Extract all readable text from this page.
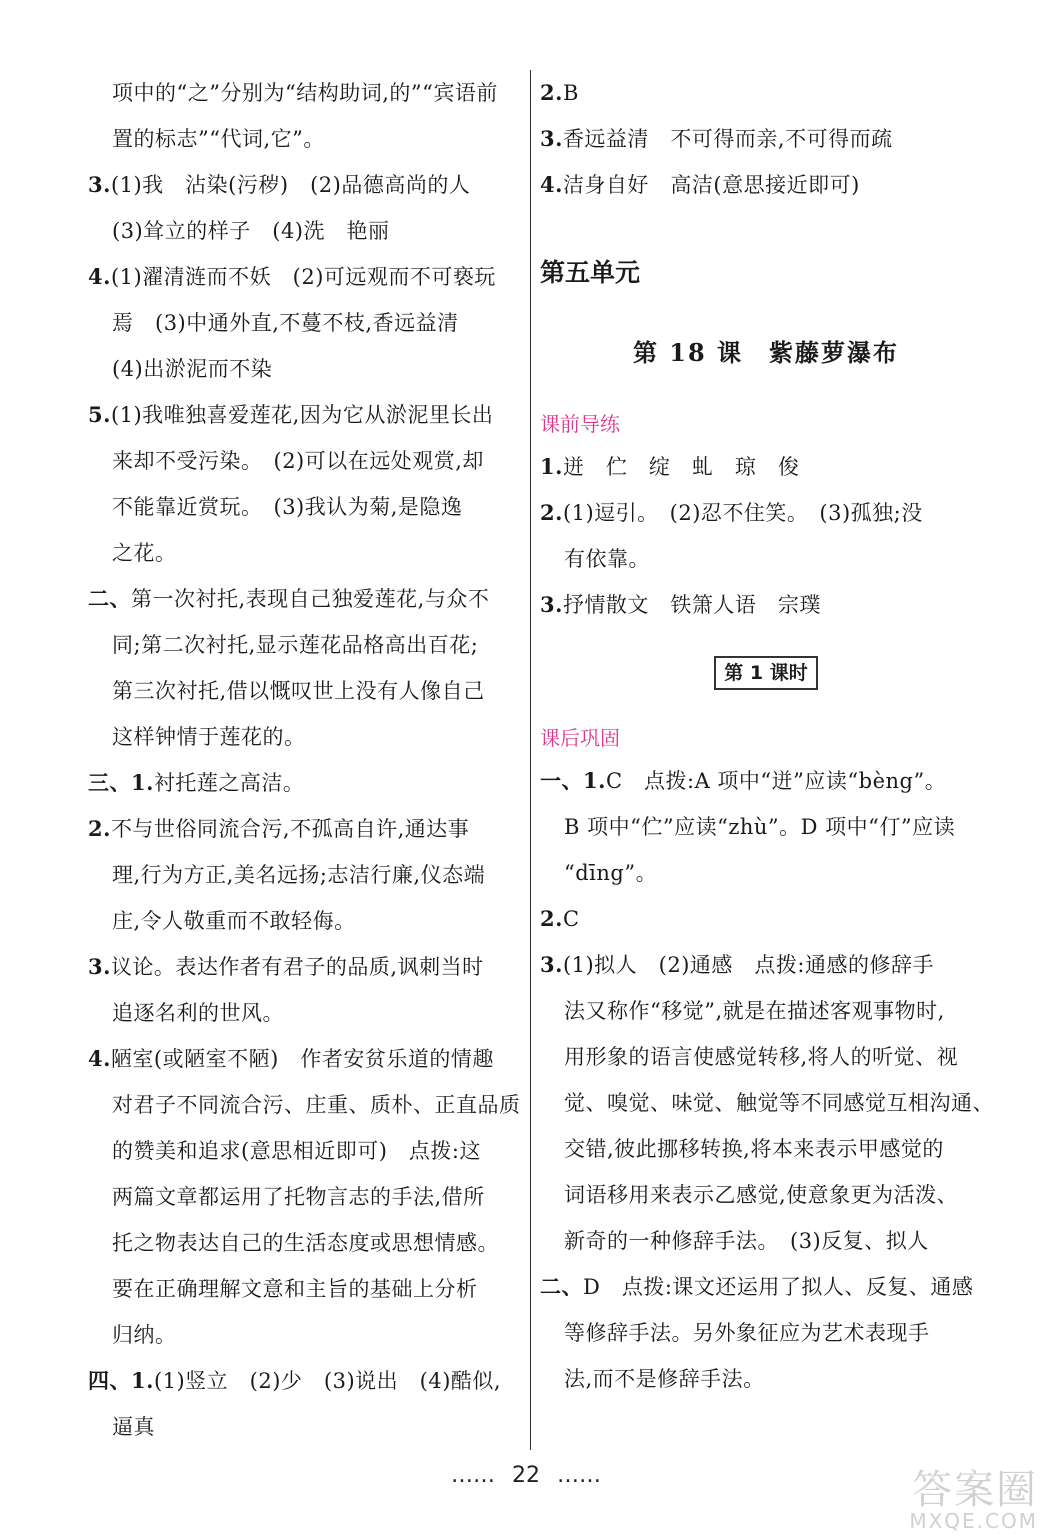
项中的“之”分别为“结构助词,的”“宾语前
置的标志”“代词,它”。
3.(1)我　沾染(污秽)　(2)品德高尚的人
(3)耸立的样子　(4)洗　艳丽
4.(1)濯清涟而不妖　(2)可远观而不可亵玩
焉　(3)中通外直,不蔓不枝,香远益清
(4)出淤泥而不染
5.(1)我唯独喜爱莲花,因为它从淤泥里长出
来却不受污染。　(2)可以在远处观赏,却
不能靠近赏玩。　(3)我认为菊,是隐逸
之花。
二、第一次衬托,表现自己独爱莲花,与众不
同;第二次衬托,显示莲花品格高出百花;
第三次衬托,借以慨叹世上没有人像自己
这样钟情于莲花的。
三、1.衬托莲之高洁。
2.不与世俗同流合污,不孤高自许,通达事
理,行为方正,美名远扬;志洁行廉,仪态端
庄,令人敬重而不敢轻侮。
3.议论。表达作者有君子的品质,讽刺当时
追逐名利的世风。
4.陋室(或陋室不陋)　作者安贫乐道的情趣
对君子不同流合污、庄重、质朴、正直品质
的赞美和追求(意思相近即可)　点拨:这
两篇文章都运用了托物言志的手法,借所
托之物表达自己的生活态度或思想情感。
要在正确理解文意和主旨的基础上分析
归纳。
四、1.(1)竖立　(2)少　(3)说出　(4)酷似,
逼真
2.B
3.香远益清　不可得而亲,不可得而疏
4.洁身自好　高洁(意思接近即可)
第五单元
第 18 课　紫藤萝瀑布
课前导练
1.迸　伫　绽　虬　琼　俊
2.(1)逗引。　(2)忍不住笑。　(3)孤独;没
有依靠。
3.抒情散文　铁箫人语　宗璞
第 1 课时
课后巩固
一、1.C　点拨:A 项中“迸”应读“bèng”。
B 项中“伫”应读“zhù”。D 项中“仃”应读
“dīng”。
2.C
3.(1)拟人　(2)通感　点拨:通感的修辞手
法又称作“移觉”,就是在描述客观事物时,
用形象的语言使感觉转移,将人的听觉、视
觉、嗅觉、味觉、触觉等不同感觉互相沟通、
交错,彼此挪移转换,将本来表示甲感觉的
词语移用来表示乙感觉,使意象更为活泼、
新奇的一种修辞手法。　(3)反复、拟人
二、D　点拨:课文还运用了拟人、反复、通感
等修辞手法。另外象征应为艺术表现手
法,而不是修辞手法。
…… 22 ……	答案圈
MXQE.COM
